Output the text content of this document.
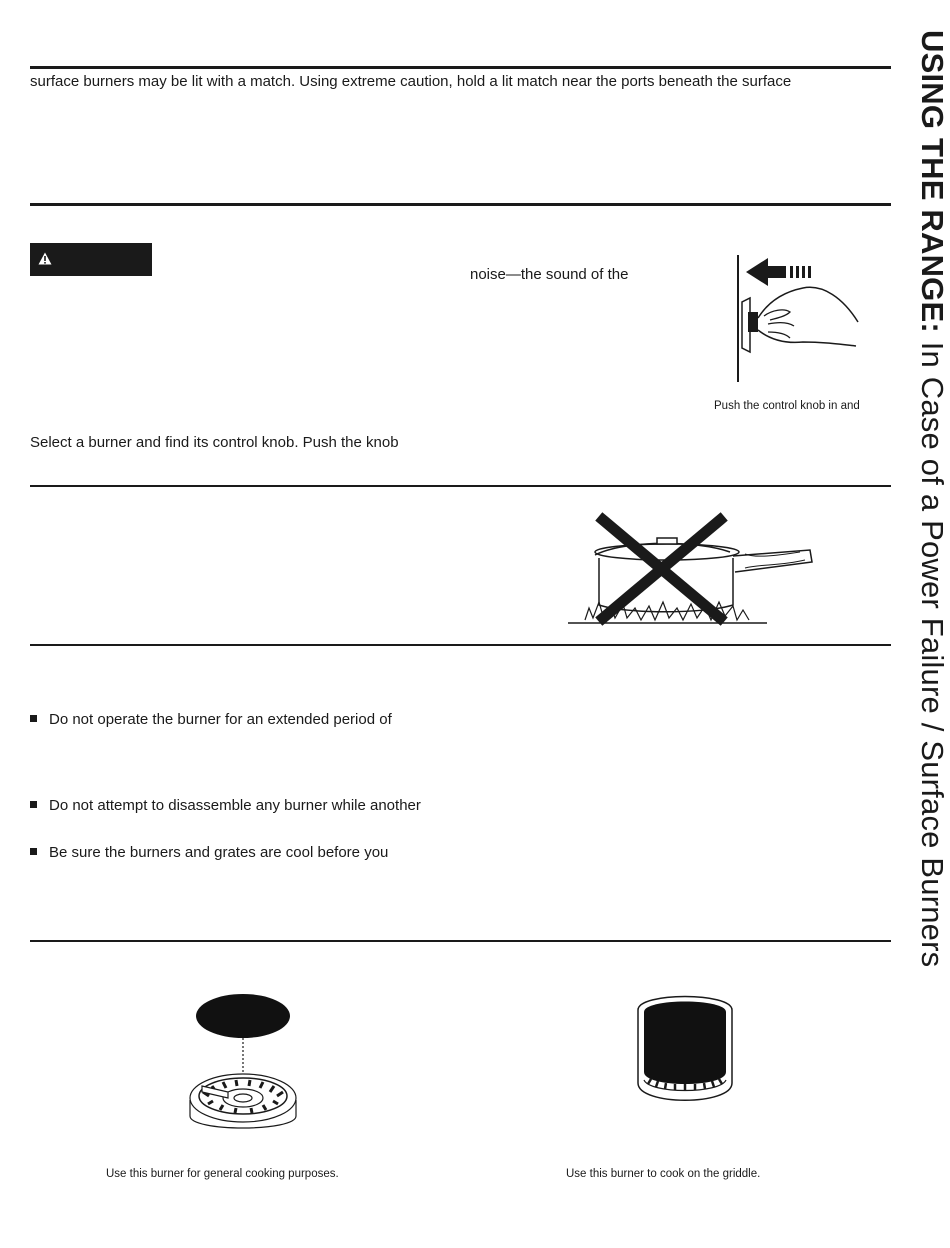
USING THE RANGE: In Case of a Power Failure / Surface Burners
surface burners may be lit with a match. Using extreme caution, hold a lit match near the ports beneath the surface
noise—the sound of the
Push the control knob in and
Select a burner and find its control knob. Push the knob
Do not operate the burner for an extended period of
Do not attempt to disassemble any burner while another
Be sure the burners and grates are cool before you
Use this burner for general cooking purposes.	Use this burner to cook on the griddle.
